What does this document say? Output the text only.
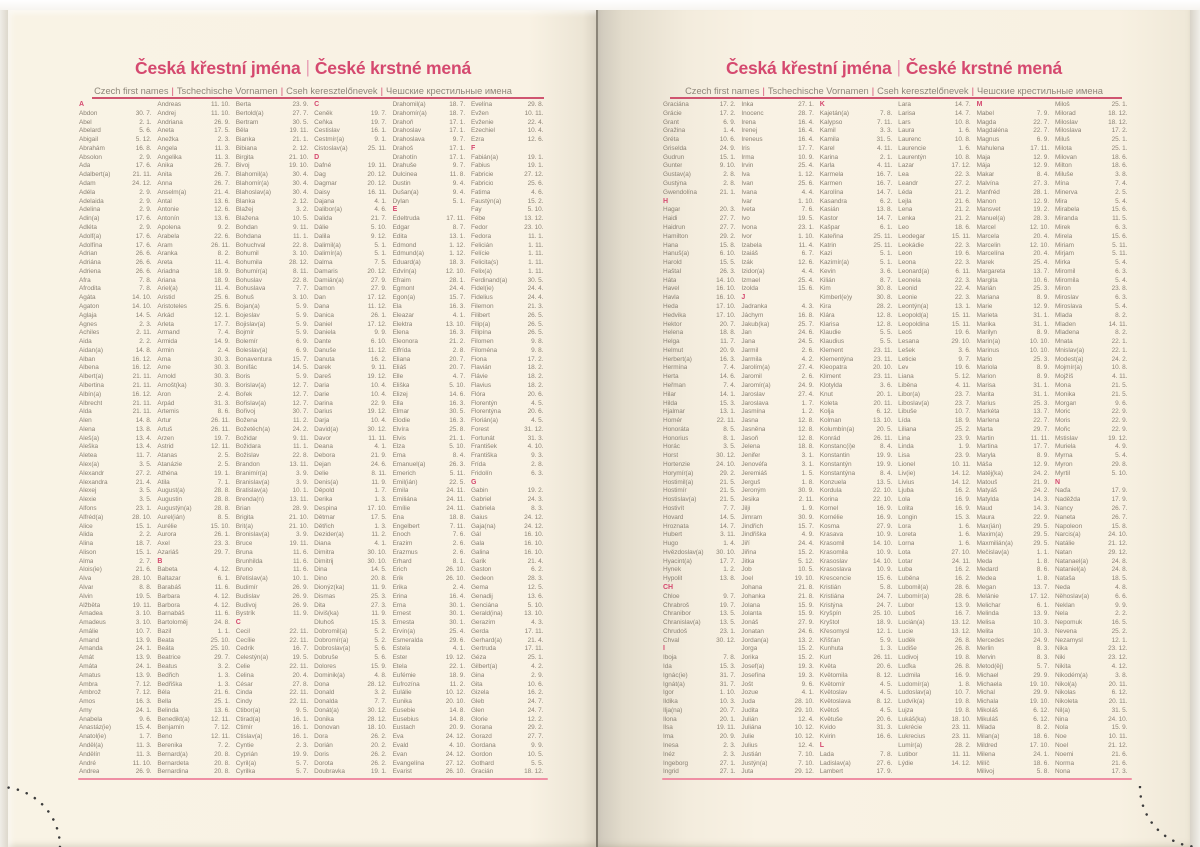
Česká křestní jména | České krstné mená
Czech first names | Tschechische Vornamen | Cseh keresztelőnevek | Чешские крестильные имена
A
Abdon	30. 7.
Abel	2. 1.
Abelard	5. 6.
Abigail	5. 12.
Abrahám	16. 8.
Absolon	2. 9.
Ada	17. 6.
Adalbert(a)	21. 11.
Adam	24. 12.
Adéla	2. 9.
Adelaida	2. 9.
Adelina	2. 9.
Adin(a)	17. 6.
Adléta	2. 9.
Adolf(a)	17. 6.
Adolfína	17. 6.
Adrian	26. 6.
Adriána	26. 6.
Adriena	26. 6.
Afra	7. 8.
Afrodita	7. 8.
Agáta	14. 10.
Agaton	14. 10.
Aglaja	14. 5.
Agnes	2. 3.
Achiles	2. 11.
Aida	2. 2.
Aidan(a)	14. 8.
Alban	16. 12.
Albena	16. 12.
Albert(a)	21. 11.
Albertina	21. 11.
Albín(a)	16. 12.
Albrecht	21. 11.
Alda	21. 11.
Alen	14. 8.
Alena	13. 8.
Aleš(a)	13. 4.
Aleška	13. 4.
Aletea	11. 7.
Alex(a)	3. 5.
Alexandr	27. 2.
Alexandra	21. 4.
Alexej	3. 5.
Alexie	3. 5.
Alfons	23. 1.
Alfréd(a)	28. 10.
Alice	15. 1.
Alida	2. 2.
Alina	18. 7.
Alison	15. 1.
Alma	2. 7.
Alois(ie)	21. 6.
Alva	28. 10.
Alvar	8. 8.
Alvin	19. 5.
Alžběta	19. 11.
Amadea	3. 10.
Amadeus	3. 10.
Amálie	10. 7.
Amand	13. 9.
Amanda	24. 1.
Amát	13. 9.
Amáta	24. 1.
Amatus	13. 9.
Ambra	7. 12.
Ambrož	7. 12.
Amos	16. 3.
Amy	24. 1.
Anabela	9. 6.
Anastáz(ie)	15. 4.
Anatol(ie)	1. 7.
Anděl(a)	11. 3.
Andělín	11. 3.
André	11. 10.
Andrea	26. 9.
Andreas	11. 10.
Andrej	11. 10.
Andriana	26. 9.
Aneta	17. 5.
Anežka	2. 3.
Angela	11. 3.
Angelika	11. 3.
Anika	26. 7.
Anita	26. 7.
Anna	26. 7.
Anselm(a)	21. 4.
Antal	13. 6.
Antonie	12. 6.
Antonín	13. 6.
Apolena	9. 2.
Arabela	22. 6.
Aram	26. 11.
Aranka	8. 2.
Areta	11. 4.
Ariadna	18. 9.
Ariana	18. 9.
Ariel(a)	11. 4.
Aristid	25. 6.
Aristoteles	25. 6.
Arkád	12. 1.
Arleta	17. 7.
Armand	7. 4.
Armida	14. 9.
Armin	2. 4.
Arna	30. 3.
Arne	30. 3.
Arnold	30. 3.
Arnošt(ka)	30. 3.
Áron	2. 4.
Árpád	31. 3.
Artemis	8. 6.
Artur	26. 11.
Artuš	26. 11.
Arzen	19. 7.
Astrid	12. 11.
Atanas	2. 5.
Atanázie	2. 5.
Athéna	19. 1.
Atila	7. 1.
August(a)	28. 8.
Augustin	28. 8.
Augustýn(a)	28. 8.
Aurel(ián)	8. 5.
Aurélie	15. 10.
Aurora	26. 1.
Axel	23. 3.
Azariáš	29. 7.
B
Babeta	4. 12.
Baltazar	6. 1.
Barabáš	11. 6.
Barbara	4. 12.
Barbora	4. 12.
Barnabáš	11. 6.
Bartoloměj	24. 8.
Bazil	1. 1.
Beata	25. 10.
Beáta	25. 10.
Beatrice	29. 7.
Beatus	3. 2.
Bedřich	1. 3.
Bedřiška	1. 3.
Béla	21. 6.
Bella	25. 1.
Belinda	13. 6.
Benedikt(a)	12. 11.
Benjamín	7. 12.
Beno	12. 11.
Berenika	7. 2.
Bernard(a)	20. 8.
Bernardeta	20. 8.
Bernardina	20. 8.
Berta	23. 9.
Bertold(a)	27. 7.
Bertram	30. 5.
Běla	19. 11.
Bianka	21. 1.
Bibiana	2. 12.
Birgita	21. 10.
Bivoj	19. 10.
Blahomil(a)	30. 4.
Blahomír(a)	30. 4.
Blahoslav(a)	30. 4.
Blanka	2. 12.
Blažej	3. 2.
Blažena	10. 5.
Bohdan	9. 11.
Bohdana	11. 1.
Bohuchval	22. 8.
Bohumil	3. 10.
Bohumila	28. 12.
Bohumír(a)	8. 11.
Bohuslav	22. 8.
Bohuslava	7. 7.
Bohuš	3. 10.
Bojan(a)	5. 9.
Bojeslav	5. 9.
Bojislav(a)	5. 9.
Bojmír	5. 9.
Bolemír	6. 9.
Boleslav(a)	6. 9.
Bonaventura	15. 7.
Bonifác	14. 5.
Boris	5. 9.
Borislav(a)	12. 7.
Bořek	12. 7.
Bořislav(a)	12. 7.
Bořivoj	30. 7.
Božena	11. 2.
Božetěch(a)	24. 2.
Božidar	9. 11.
Božidara	11. 1.
Božislav	22. 8.
Brandon	13. 11.
Branimír(a)	3. 9.
Branislav(a)	3. 9.
Bratislav(a)	10. 1.
Brenda(n)	13. 11.
Brian	28. 9.
Brigita	21. 10.
Brit(a)	21. 10.
Bronislav(a)	3. 9.
Bruce	19. 11.
Bruna	11. 6.
Brunhilda	11. 6.
Bruno	11. 6.
Břetislav(a)	10. 1.
Budimír	26. 9.
Budislav	26. 9.
Budivoj	26. 9.
Bystrík	11. 9.
C
Cecil	22. 11.
Cecílie	22. 11.
Cedrik	16. 7.
Celestýn(a)	19. 5.
Celie	22. 11.
Celina	20. 4.
César	27. 8.
Cinda	22. 11.
Cindy	22. 11.
Ctibor(a)	9. 5.
Ctirad(a)	16. 1.
Ctimír	16. 1.
Ctislav(a)	16. 1.
Cyntie	2. 3.
Cyprián	19. 9.
Cyril(a)	5. 7.
Cyrilka	5. 7.
Č
Čeněk	19. 7.
Čeňka	19. 7.
Čestislav	16. 1.
Čestmír(a)	9. 1.
Čistoslav(a)	25. 11.
D
Dafné	19. 11.
Dag	20. 12.
Dagmar	20. 12.
Daisy	16. 11.
Dajana	4. 1.
Dalibor(a)	4. 6.
Dalida	21. 7.
Dálie	5. 10.
Dalila	9. 12.
Dalimil(a)	5. 1.
Dalimír(a)	5. 1.
Dalma	7. 5.
Damaris	20. 12.
Damián(a)	27. 9.
Damon	27. 9.
Dan	17. 12.
Dana	11. 12.
Danica	26. 1.
Daniel	17. 12.
Daniela	9. 9.
Dante	6. 10.
Danuše	11. 12.
Danuta	16. 2.
Darek	9. 11.
Dareš	19. 12.
Daria	10. 4.
Darie	10. 4.
Darina	22. 9.
Darius	19. 12.
Darja	10. 4.
David(a)	30. 12.
Davor	11. 11.
Deana	4. 1.
Debora	21. 9.
Dejan	24. 6.
Delie	8. 11.
Denis(a)	11. 9.
Děpold	1. 7.
Derika	1. 3.
Despina	17. 10.
Dětmar	17. 5.
Dětřich	1. 3.
Dezider(a)	11. 2.
Diana	4. 1.
Dimitra	30. 10.
Dimitrij	30. 10.
Dina	14. 5.
Dino	20. 8.
Dionýz(ka)	11. 9.
Dismas	25. 3.
Dita	27. 3.
Diviš(ka)	11. 9.
Dluhoš	15. 3.
Dobromil(a)	5. 2.
Dobromír(a)	5. 2.
Dobroslav(a)	5. 6.
Dobruše	5. 6.
Dolores	15. 9.
Dominik(a)	4. 8.
Dona	28. 12.
Donald	3. 2.
Donalda	7. 7.
Donát(a)	30. 12.
Donika	28. 12.
Donovan	18. 10.
Dora	26. 2.
Dorián	20. 2.
Doris	26. 2.
Dorota	26. 2.
Doubravka	19. 1.
Drahomil(a)	18. 7.
Drahomír(a)	18. 7.
Drahoň	17. 1.
Drahoslav	17. 1.
Drahoslava	9. 7.
Drahoš	17. 1.
Drahotín	17. 1.
Drahuše	9. 7.
Dulcinea	11. 8.
Dustin	9. 4.
Dušan(a)	9. 4.
Dylan	5. 1.
E
Edeltruda	17. 11.
Edgar	8. 7.
Edita	13. 1.
Edmond	1. 12.
Edmund(a)	1. 12.
Eduard(a)	18. 3.
Edvín(a)	12. 10.
Efraim	28. 1.
Egmont	24. 4.
Egon(a)	15. 7.
Ela	16. 3.
Eleazar	4. 1.
Elektra	13. 10.
Elena	16. 3.
Eleonora	21. 2.
Elfrída	2. 8.
Eliana	20. 7.
Eliáš	20. 7.
Elle	4. 7.
Eliška	5. 10.
Elizej	14. 6.
Ella	16. 3.
Elmar	30. 5.
Elodie	16. 3.
Elvíra	25. 8.
Elvis	21. 1.
Elza	5. 10.
Ema	8. 4.
Emanuel(a)	26. 3.
Emerich	5. 11.
Emil(ián)	22. 5.
Emila	24. 11.
Emiliána	24. 11.
Emílie	24. 11.
Ena	18. 8.
Engelbert	7. 11.
Enoch	7. 6.
Erazim	2. 6.
Erazmus	2. 6.
Erhard	8. 1.
Erich	26. 10.
Erik	26. 10.
Erika	2. 4.
Erina	16. 4.
Erna	30. 1.
Ernest	30. 1.
Ernesta	30. 1.
Ervín(a)	25. 4.
Esmeralda	29. 6.
Estela	4. 1.
Ester	19. 12.
Etela	22. 1.
Eufémie	18. 9.
Eufrozína	11. 2.
Eulálie	10. 12.
Eunika	20. 10.
Eusebie	14. 8.
Eusebius	14. 8.
Eustach	20. 9.
Eva	24. 12.
Evald	4. 10.
Evan	24. 12.
Evangelína	27. 12.
Evarist	26. 10.
Evelína	29. 8.
Evžen	10. 11.
Evženie	22. 4.
Ezechiel	10. 4.
Ezra	12. 6.
F
Fabián(a)	19. 1.
Fabius	19. 1.
Fabricie	27. 12.
Fabricio	25. 6.
Fatima	4. 6.
Faustýn(a)	15. 2.
Fay	5. 10.
Fébe	13. 12.
Fedor	23. 10.
Fedora	11. 1.
Felicián	1. 11.
Felície	1. 11.
Felicita(s)	1. 11.
Felix(a)	1. 11.
Ferdinand(a)	30. 5.
Fidel(ie)	24. 4.
Fidelius	24. 4.
Filemon	21. 3.
Filibert	26. 5.
Filip(a)	26. 5.
Filipína	26. 5.
Filomen	9. 8.
Filoména	9. 8.
Fiona	17. 2.
Flavián	18. 2.
Flávie	18. 2.
Flavius	18. 2.
Flóra	20. 6.
Florentýn	4. 5.
Florentýna	20. 6.
Florián(a)	4. 5.
Forest	31. 12.
Fortunát	31. 3.
František	4. 10.
Františka	9. 3.
Frída	2. 8.
Fridolín	6. 3.
G
Gabin	19. 2.
Gabriel	24. 3.
Gabriela	8. 3.
Gaius	24. 12.
Gaja(na)	24. 12.
Gál	16. 10.
Gala	16. 10.
Galina	16. 10.
Garik	21. 4.
Gaston	6. 2.
Gedeon	28. 3.
Gema	12. 5.
Genadij	13. 6.
Genciána	5. 10.
Gerald(ina)	13. 10.
Gerazím	4. 3.
Gerda	17. 11.
Gerhard(a)	21. 4.
Gertruda	17. 11.
Géza	25. 1.
Gilbert(a)	4. 2.
Gina	2. 9.
Gita	10. 6.
Gizela	16. 2.
Gleb	24. 7.
Glen	24. 7.
Glorie	12. 2.
Gorana	29. 2.
Gorazd	27. 7.
Gordana	9. 9.
Gordon	10. 5.
Gothard	5. 5.
Gracián	18. 12.
Česká křestní jména | České krstné mená
Czech first names | Tschechische Vornamen | Cseh keresztelőnevek | Чешские крестильные имена
Graciána	17. 2.
Grácie	17. 2.
Grant	6. 9.
Gražina	1. 4.
Gréta	10. 6.
Griselda	24. 9.
Gudrun	15. 1.
Gunter	9. 10.
Gustav(a)	2. 8.
Gustýna	2. 8.
Gwendolína	21. 1.
H
Hagar	20. 3.
Haidi	27. 7.
Haidrun	27. 7.
Hamilton	29. 2.
Hana	15. 8.
Hanuš(a)	6. 10.
Harold	15. 5.
Haštal	26. 3.
Háta	14. 10.
Havel	16. 10.
Havla	16. 10.
Heda	17. 10.
Hedvika	17. 10.
Hektor	20. 7.
Helena	18. 8.
Helga	11. 7.
Helmut	20. 9.
Herbert(a)	16. 3.
Hermína	7. 4.
Herta	14. 6.
Heřman	7. 4.
Hilar	14. 1.
Hilda	15. 3.
Hjalmar	13. 1.
Homér	22. 11.
Honoráta	8. 5.
Honorius	8. 1.
Horác	3. 5.
Horst	30. 12.
Hortenzie	24. 10.
Horymír(a)	29. 2.
Hostimil(a)	21. 5.
Hostimír	21. 5.
Hostislav(a)	21. 5.
Hostivít	7. 7.
Hovard	14. 5.
Hroznata	14. 7.
Hubert	3. 11.
Hugo	1. 4.
Hvězdoslav(a) 30. 10.
Hyacint(a)	17. 7.
Hynek	1. 2.
Hypolit	13. 8.
CH
Chloe	9. 7.
Chrabroš	19. 7.
Chranibor	13. 5.
Chranislav(a)	13. 5.
Chrudoš	23. 1.
Chval	30. 12.
I
Iboja	7. 8.
Ida	15. 3.
Ignác(ie)	31. 7.
Ignát(a)	31. 7.
Igor	1. 10.
Ildika	10. 3.
Ilja(na)	20. 7.
Ilona	20. 1.
Ilsa	19. 11.
Ima	20. 9.
Inesa	2. 3.
Inéz	2. 3.
Ingeborg	27. 1.
Ingrid	27. 1.
Inka	27. 1.
Inocenc	28. 7.
Irena	16. 4.
Irenej	16. 4.
Ireneus	16. 4.
Iris	17. 7.
Irma	10. 9.
Irvin	25. 4.
Iva	1. 12.
Ivan	25. 6.
Ivana	4. 4.
Ivar	1. 10.
Iveta	7. 6.
Ivo	19. 5.
Ivona	23. 1.
Ivor	1. 10.
Izabela	11. 4.
Izaiáš	6. 7.
Izák	12. 6.
Izidor(a)	4. 4.
Izmael	25. 4.
Izolda	15. 6.
J
Jadranka	4. 3.
Jáchym	16. 8.
Jakub(ka)	25. 7.
Jan	24. 6.
Jana	24. 5.
Jarmil	2. 6.
Jarmila	4. 2.
Jarolím(a)	27. 4.
Jaromil	2. 6.
Jaromír(a)	24. 9.
Jaroslav	27. 4.
Jaroslava	1. 7.
Jasmína	1. 2.
Jasna	12. 8.
Jasněna	12. 8.
Jasoň	12. 8.
Jelena	18. 8.
Jenifer	3. 1.
Jenovéfa	3. 1.
Jeremiáš	1. 5.
Jerguš	1. 8.
Jeroným	30. 9.
Jesika	2. 11.
Jiljí	1. 9.
Jimram	30. 9.
Jindřich	15. 7.
Jindřiška	4. 9.
Jiří	24. 4.
Jiřina	15. 2.
Jitka	5. 12.
Job	10. 5.
Joel	19. 10.
Johana	21. 8.
Johanka	21. 8.
Jolana	15. 9.
Jolanta	15. 9.
Jonáš	27. 9.
Jonatan	24. 6.
Jordan(a)	13. 2.
Jorga	15. 2.
Jorika	15. 2.
Josef(a)	19. 3.
Josefína	19. 3.
Jošt	9. 6.
Jozue	4. 1.
Juda	28. 10.
Judita	29. 10.
Julián	12. 4.
Juliána	10. 12.
Julie	10. 12.
Julius	12. 4.
Justián	7. 10.
Justýn(a)	7. 10.
Juta	29. 12.
K
Kajetán(a)	7. 8.
Kalypso	7. 11.
Kamil	3. 3.
Kamila	31. 5.
Karel	4. 11.
Karina	2. 1.
Karla	4. 11.
Karmela	16. 7.
Karmen	16. 7.
Karolína	14. 7.
Kasandra	6. 2.
Kasián	13. 8.
Kastor	14. 7.
Kašpar	6. 1.
Kateřina	25. 11.
Katrin	25. 11.
Kazi	5. 1.
Kazimír(a)	5. 1.
Kevin	3. 6.
Kilián	8. 7.
Kim	30. 8.
Kimberl(e)y	30. 8.
Kira	28. 2.
Klára	12. 8.
Klarisa	12. 8.
Klaudie	5. 5.
Klaudius	5. 5.
Klement	23. 11.
Klementýna	23. 11.
Kleopatra	20. 10.
Kliment	23. 11.
Klotylda	3. 6.
Knut	20. 1.
Koleta	20. 11.
Kolja	6. 12.
Kolman	13. 10.
Kolumbín(a)	20. 5.
Konrád	26. 11.
Konstanc(i)e	8. 4.
Konstantin	19. 9.
Konstantýn	19. 9.
Konstantýna	8. 4.
Konzuela	13. 5.
Kordula	22. 10.
Korina	22. 10.
Kornel	16. 9.
Kornélie	16. 9.
Kosma	27. 9.
Krasava	10. 9.
Krasomil	14. 10.
Krasomila	10. 9.
Krasoslav	14. 10.
Krasoslava	10. 9.
Krescencie	15. 6.
Kristián	5. 8.
Kristiána	24. 7.
Kristýna	24. 7.
Kryšpín	25. 10.
Kryštof	18. 9.
Křesomysl	12. 1.
Křišťan	5. 9.
Kunhuta	1. 3.
Kurt	26. 11.
Květa	20. 6.
Květomila	8. 12.
Květomír	4. 5.
Květoslav	4. 5.
Květoslava	8. 12.
Květoš	4. 5.
Květuše	20. 6.
Kvido	31. 3.
Kvirin	16. 6.
L
Lada	7. 8.
Ladislav(a)	27. 6.
Lambert	17. 9.
Lara	14. 7.
Larisa	14. 7.
Lars	10. 8.
Laura	1. 6.
Laurenc	10. 8.
Laurencie	1. 6.
Laurentýn	10. 8.
Lazar	17. 12.
Lea	22. 3.
Leandr	27. 2.
Léda	21. 2.
Lejla	21. 6.
Lena	21. 2.
Lenka	21. 2.
Leo	18. 6.
Leodegar	15. 11.
Leokádie	22. 3.
Leon	19. 6.
Leona	22. 3.
Leonard(a)	6. 11.
Leonela	22. 3.
Leonid	22. 4.
Leonie	22. 3.
Leontýn(a)	13. 1.
Leopold(a)	15. 11.
Leopoldina	15. 11.
Leoš	19. 6.
Lesana	29. 10.
Lešek	3. 6.
Leticie	9. 7.
Lev	19. 6.
Liana	5. 12.
Liběna	4. 11.
Libor(a)	23. 7.
Liboslav(a)	23. 7.
Libuše	10. 7.
Lída	18. 9.
Liliana	25. 2.
Lina	23. 9.
Linda	1. 9.
Lisa	23. 9.
Lionel	10. 11.
Liv(ie)	14. 12.
Livius	14. 12.
Ljuba	16. 2.
Lola	16. 9.
Lolita	16. 9.
Longin	15. 3.
Lora	1. 6.
Loreta	1. 6.
Lorna	1. 6.
Lota	27. 10.
Lotar	24. 11.
Luba	16. 2.
Luběna	16. 2.
Lubomil(a)	28. 6.
Lubomír(a)	28. 6.
Lubor	13. 9.
Luboš	16. 7.
Lucián(a)	13. 12.
Lucie	13. 12.
Luděk	26. 8.
Ludiše	26. 8.
Ludivoj	19. 8.
Luďka	26. 8.
Ludmila	16. 9.
Ludomír(a)	1. 8.
Ludoslav(a)	10. 7.
Ludvík(a)	19. 8.
Lujza	19. 8.
Lukáš(ka)	18. 10.
Lukrécie	23. 11.
Lukrecius	23. 11.
Lumír(a)	28. 2.
Lutibor	11. 11.
Lýdie	14. 12.
M
Mabel	7. 9.
Magda	22. 7.
Magdaléna	22. 7.
Magnus	6. 9.
Mahulena	17. 11.
Maja	12. 9.
Mája	12. 9.
Makar	8. 4.
Malvína	27. 3.
Manfréd	28. 1.
Manon	12. 9.
Mansvet	19. 2.
Manuel(a)	28. 3.
Marcel	12. 10.
Marcela	20. 4.
Marcelin	12. 10.
Marcelína	20. 4.
Marek	25. 4.
Margareta	13. 7.
Margita	10. 6.
Marián	25. 3.
Mariana	8. 9.
Marie	12. 9.
Marieta	31. 1.
Marika	31. 1.
Marilyn	8. 9.
Marin(a)	10. 10.
Marinus	10. 10.
Mario	25. 3.
Mariola	8. 9.
Marion	8. 9.
Marisa	31. 1.
Marita	31. 1.
Marius	25. 3.
Markéta	13. 7.
Marlena	22. 7.
Marta	29. 7.
Martin	11. 11.
Martina	17. 7.
Maryla	8. 9.
Máša	12. 9.
Matěj(ka)	24. 2.
Matouš	21. 9.
Matyáš	24. 2.
Matylda	14. 3.
Maud	14. 3.
Maura	22. 9.
Max(ián)	29. 5.
Maxim(a)	29. 5.
Maxmilián(a)	29. 5.
Mečislav(a)	1. 1.
Meda	1. 8.
Medard	8. 6.
Medea	1. 8.
Megan	13. 7.
Melánie	17. 12.
Melichar	6. 1.
Melinda	13. 9.
Melisa	10. 3.
Melita	10. 3.
Mercedes	24. 9.
Merlin	8. 3.
Mervin	8. 3.
Metod(ěj)	5. 7.
Michael	29. 9.
Michaela	19. 10.
Michal	29. 9.
Michala	19. 10.
Mikoláš	6. 12.
Mikuláš	6. 12.
Milada	8. 2.
Milan(a)	18. 6.
Mildred	17. 10.
Milena	24. 1.
Milíč	18. 6.
Milivoj	5. 8.
Miloš	25. 1.
Milorad	18. 12.
Miloslav	18. 12.
Miloslava	17. 2.
Miluš	25. 1.
Milota	25. 1.
Milovan	18. 6.
Milton	18. 6.
Miluše	3. 8.
Mína	7. 4.
Minerva	2. 5.
Mira	5. 4.
Mirabela	15. 6.
Miranda	11. 5.
Mirek	6. 3.
Mirela	15. 6.
Miriam	5. 11.
Mirjam	5. 11.
Mirka	5. 4.
Miromil	6. 3.
Miromila	5. 4.
Miron	23. 8.
Miroslav	6. 3.
Miroslava	5. 4.
Mlada	8. 2.
Mladen	14. 11.
Mladena	8. 2.
Mnata	22. 1.
Mnislav(a)	22. 1.
Modest(a)	24. 2.
Mojmír(a)	10. 8.
Mojžíš	4. 11.
Mona	21. 5.
Monika	21. 5.
Morgan	9. 6.
Moric	22. 9.
Moris	22. 9.
Mořic	22. 9.
Mstislav	19. 12.
Muriela	4. 9.
Myrna	5. 4.
Myron	29. 8.
Myrtil	5. 10.
N
Naďa	17. 9.
Naděžda	17. 9.
Nancy	26. 7.
Naneta	26. 7.
Napoleon	15. 8.
Narcis(a)	24. 10.
Natálie	21. 12.
Natan	29. 12.
Natanael(a)	24. 8.
Nataniel(a)	24. 8.
Nataša	18. 5.
Neda	4. 8.
Něhoslav(a)	6. 6.
Neklan	9. 9.
Nela	2. 2.
Nepomuk	16. 5.
Nevena	25. 2.
Nezamysl	12. 1.
Nika	23. 12.
Niki	23. 12.
Nikita	4. 12.
Nikodém(a)	3. 8.
Nikol(a)	20. 11.
Nikolas	6. 12.
Nikoleta	20. 11.
Nil(a)	31. 5.
Nina	24. 10.
Nola	15. 9.
Noe	10. 11.
Noel	21. 12.
Noemi	21. 6.
Norma	21. 6.
Nona	17. 3.
